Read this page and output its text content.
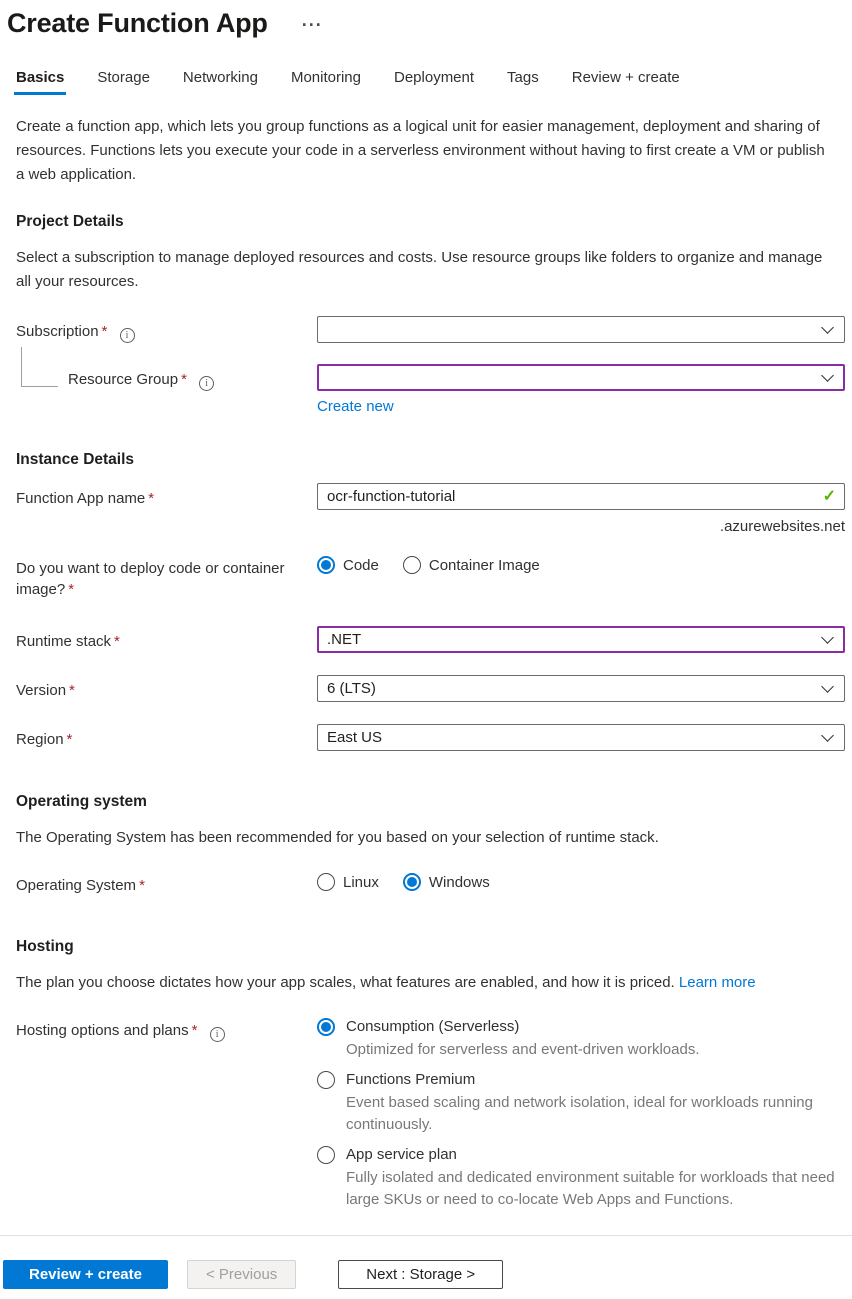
Create Function App ···
Basics Storage Networking Monitoring Deployment Tags Review + create

Create a function app, which lets you group functions as a logical unit for easier management, deployment and sharing of resources. Functions lets you execute your code in a serverless environment without having to first create a VM or publish a web application.

Project Details

Select a subscription to manage deployed resources and costs. Use resource groups like folders to organize and manage all your resources.

Subscription * i
Resource Group * i
Create new
Instance Details
Function App name *
ocr-function-tutorial	✓
.azurewebsites.net
Do you want to deploy code or container image? *
Code	Container Image
Runtime stack *	.NET
Version *	6 (LTS)
Region *	East US
Operating system

The Operating System has been recommended for you based on your selection of runtime stack.

Operating System *	Linux	Windows
Hosting

The plan you choose dictates how your app scales, what features are enabled, and how it is priced. Learn more

Hosting options and plans * i	Consumption (Serverless)
Optimized for serverless and event-driven workloads.
Functions Premium
Event based scaling and network isolation, ideal for workloads running continuously.
App service plan
Fully isolated and dedicated environment suitable for workloads that need large SKUs or need to co-locate Web Apps and Functions.
Review + create	< Previous	Next : Storage >
